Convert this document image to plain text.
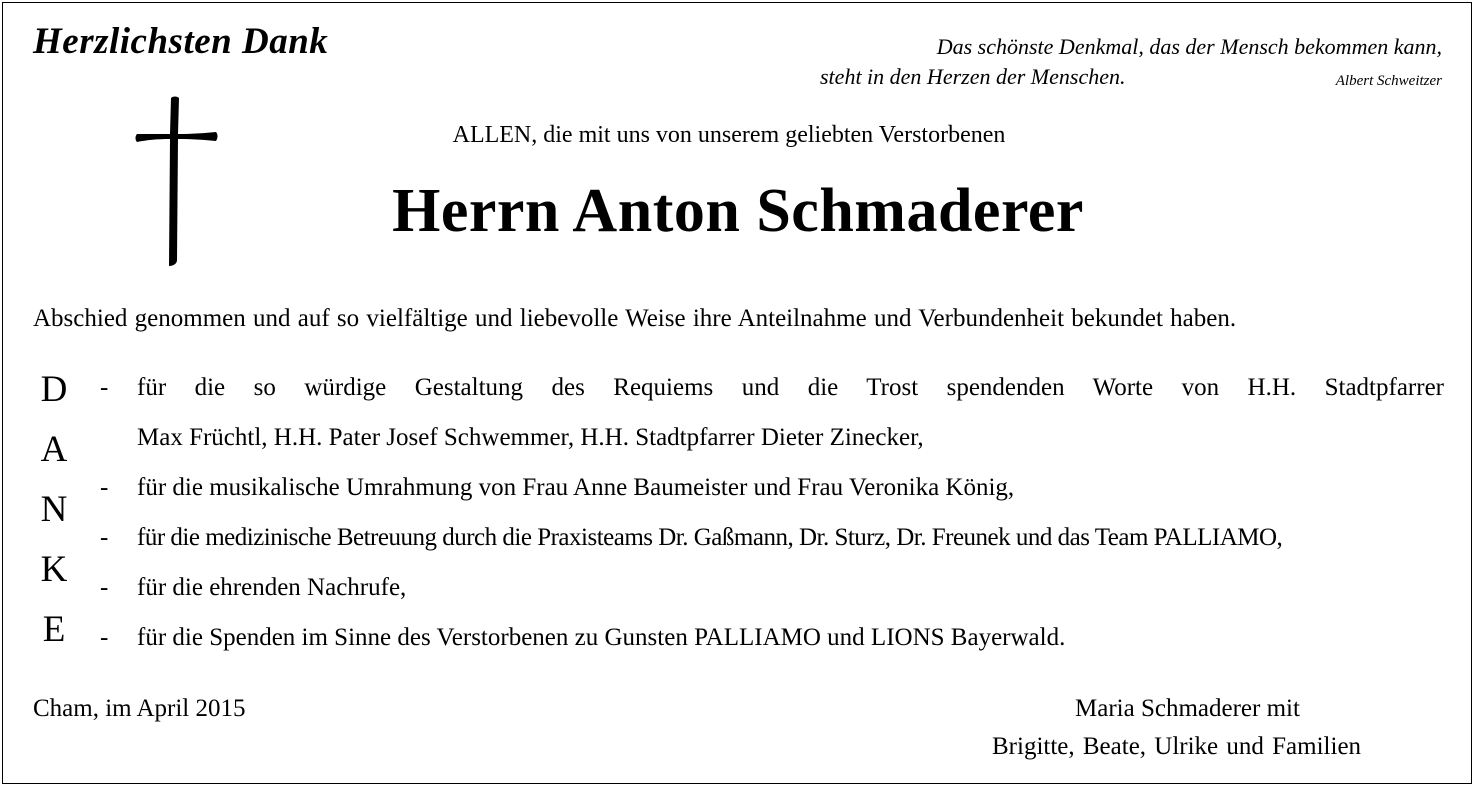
Herzlichsten Dank	Das schönste Denkmal, das der Mensch bekommen kann,
steht in den Herzen der Menschen.	Albert Schweitzer
ALLEN, die mit uns von unserem geliebten Verstorbenen
Herrn Anton Schmaderer
Abschied genommen und auf so vielfältige und liebevolle Weise ihre Anteilnahme und Verbundenheit bekundet haben.
D
A
N
K
E
- für die so würdige Gestaltung des Requiems und die Trost spendenden Worte von H.H. Stadtpfarrer
Max Früchtl, H.H. Pater Josef Schwemmer, H.H. Stadtpfarrer Dieter Zinecker,
- für die musikalische Umrahmung von Frau Anne Baumeister und Frau Veronika König,
- für die medizinische Betreuung durch die Praxisteams Dr. Gaßmann, Dr. Sturz, Dr. Freunek und das Team PALLIAMO,
- für die ehrenden Nachrufe,
- für die Spenden im Sinne des Verstorbenen zu Gunsten PALLIAMO und LIONS Bayerwald.
Cham, im April 2015	Maria Schmaderer mit
Brigitte, Beate, Ulrike und Familien
